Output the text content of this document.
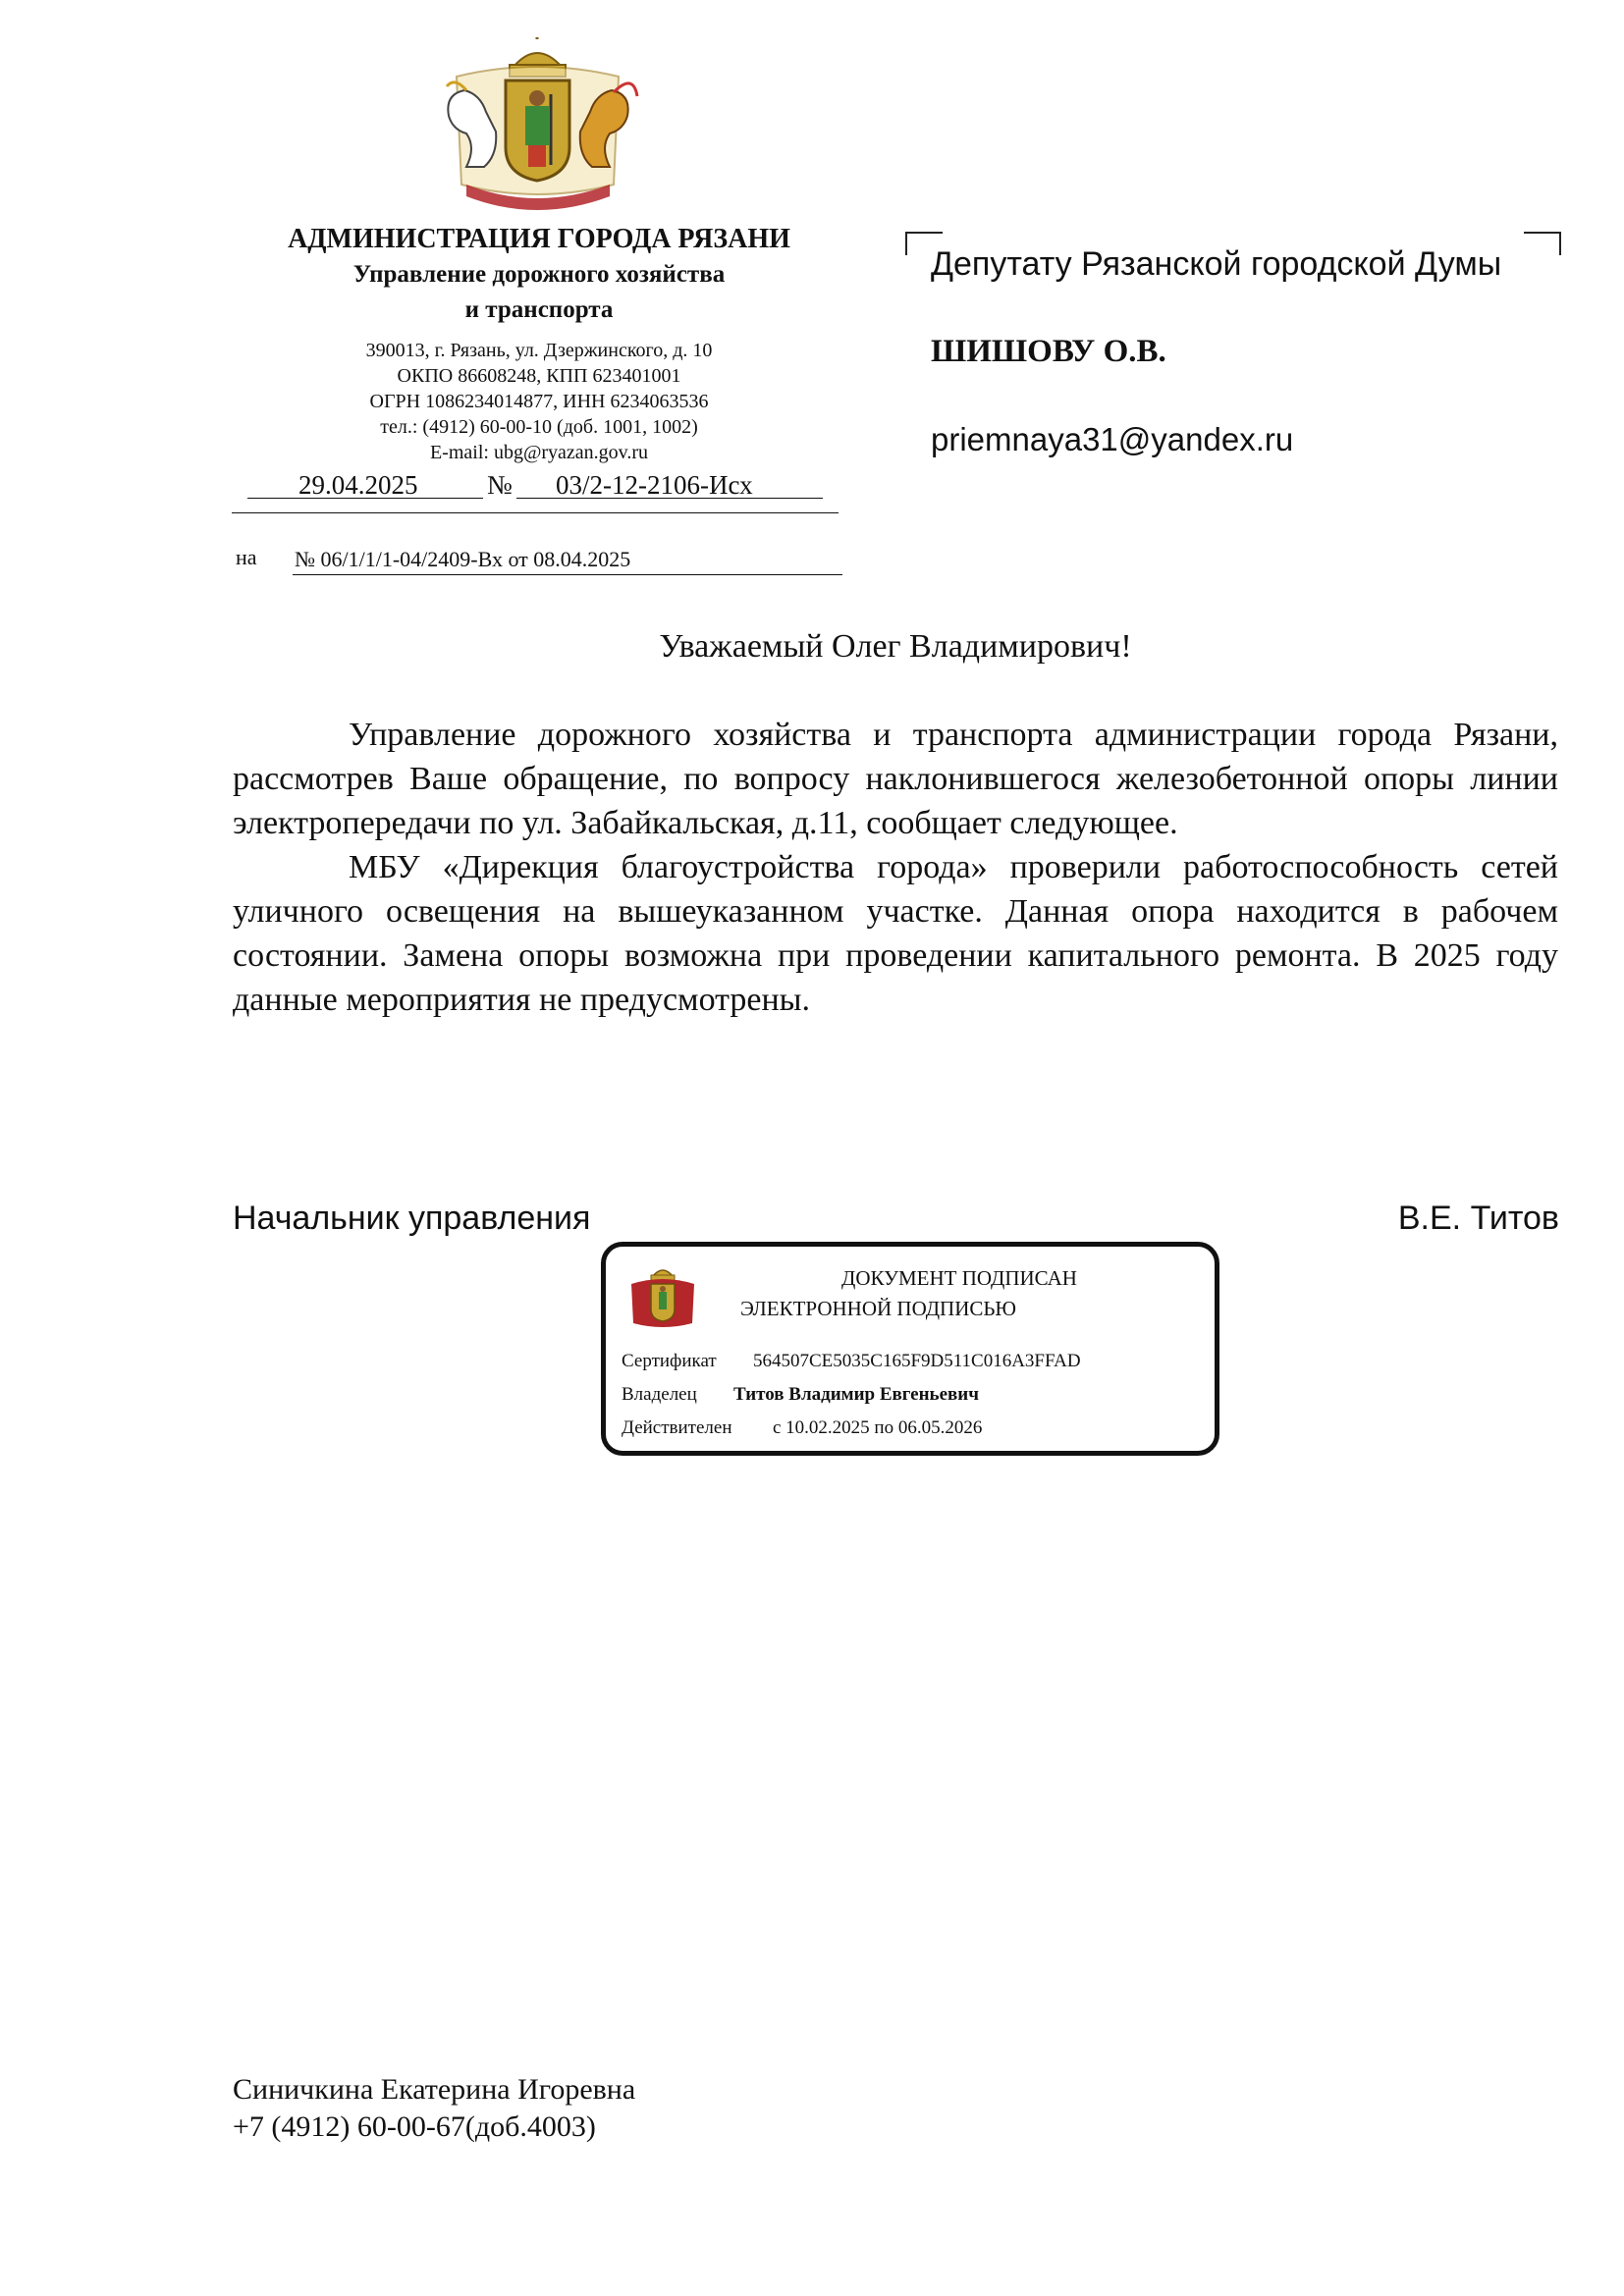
АДМИНИСТРАЦИЯ ГОРОДА РЯЗАНИ
Управление дорожного хозяйства
и транспорта
390013, г. Рязань, ул. Дзержинского, д. 10
ОКПО 86608248, КПП 623401001
ОГРН 1086234014877, ИНН 6234063536
тел.: (4912) 60-00-10 (доб. 1001, 1002)
E-mail: ubg@ryazan.gov.ru
29.04.2025	№ 03/2-12-2106-Исх
на № 06/1/1/1-04/2409-Вх от 08.04.2025
Депутату Рязанской городской Думы
ШИШОВУ О.В.
priemnaya31@yandex.ru
Уважаемый Олег Владимирович!

Управление дорожного хозяйства и транспорта администрации города Рязани, рассмотрев Ваше обращение, по вопросу наклонившегося железобетонной опоры линии электропередачи по ул. Забайкальская, д.11, сообщает следующее.

МБУ «Дирекция благоустройства города» проверили работоспособность сетей уличного освещения на вышеуказанном участке. Данная опора находится в рабочем состоянии. Замена опоры возможна при проведении капитального ремонта. В 2025 году данные мероприятия не предусмотрены.

Начальник управления	В.Е. Титов
ДОКУМЕНТ ПОДПИСАН
ЭЛЕКТРОННОЙ ПОДПИСЬЮ
Сертификат 564507CE5035C165F9D511C016A3FFAD
Владелец Титов Владимир Евгеньевич
Действителен с 10.02.2025 по 06.05.2026
Синичкина Екатерина Игоревна
+7 (4912) 60-00-67(доб.4003)
